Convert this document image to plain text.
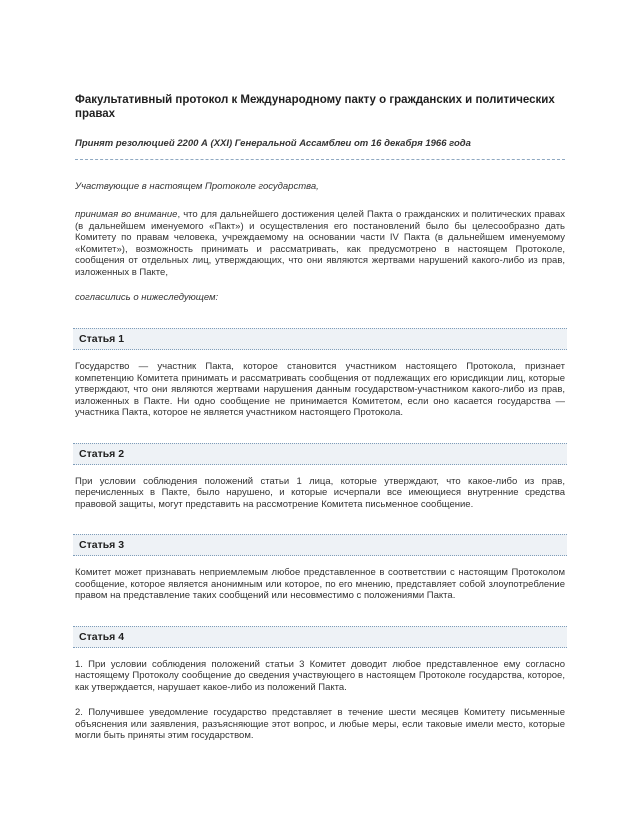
Факультативный протокол к Международному пакту о гражданских и политических правах

Принят резолюцией 2200 А (XXI) Генеральной Ассамблеи от 16 декабря 1966 года

Участвующие в настоящем Протоколе государства,

принимая во внимание, что для дальнейшего достижения целей Пакта о гражданских и политических правах (в дальнейшем именуемого «Пакт») и осуществления его постановлений было бы целесообразно дать Комитету по правам человека, учреждаемому на основании части IV Пакта (в дальнейшем именуемому «Комитет»), возможность принимать и рассматривать, как предусмотрено в настоящем Протоколе, сообщения от отдельных лиц, утверждающих, что они являются жертвами нарушений какого-либо из прав, изложенных в Пакте,

согласились о нижеследующем:

Статья 1

Государство — участник Пакта, которое становится участником настоящего Протокола, признает компетенцию Комитета принимать и рассматривать сообщения от подлежащих его юрисдикции лиц, которые утверждают, что они являются жертвами нарушения данным государством-участником какого-либо из прав, изложенных в Пакте. Ни одно сообщение не принимается Комитетом, если оно касается государства — участника Пакта, которое не является участником настоящего Протокола.

Статья 2

При условии соблюдения положений статьи 1 лица, которые утверждают, что какое-либо из прав, перечисленных в Пакте, было нарушено, и которые исчерпали все имеющиеся внутренние средства правовой защиты, могут представить на рассмотрение Комитета письменное сообщение.

Статья 3

Комитет может признавать неприемлемым любое представленное в соответствии с настоящим Протоколом сообщение, которое является анонимным или которое, по его мнению, представляет собой злоупотребление правом на представление таких сообщений или несовместимо с положениями Пакта.

Статья 4

1. При условии соблюдения положений статьи 3 Комитет доводит любое представленное ему согласно настоящему Протоколу сообщение до сведения участвующего в настоящем Протоколе государства, которое, как утверждается, нарушает какое-либо из положений Пакта.

2. Получившее уведомление государство представляет в течение шести месяцев Комитету письменные объяснения или заявления, разъясняющие этот вопрос, и любые меры, если таковые имели место, которые могли быть приняты этим государством.
